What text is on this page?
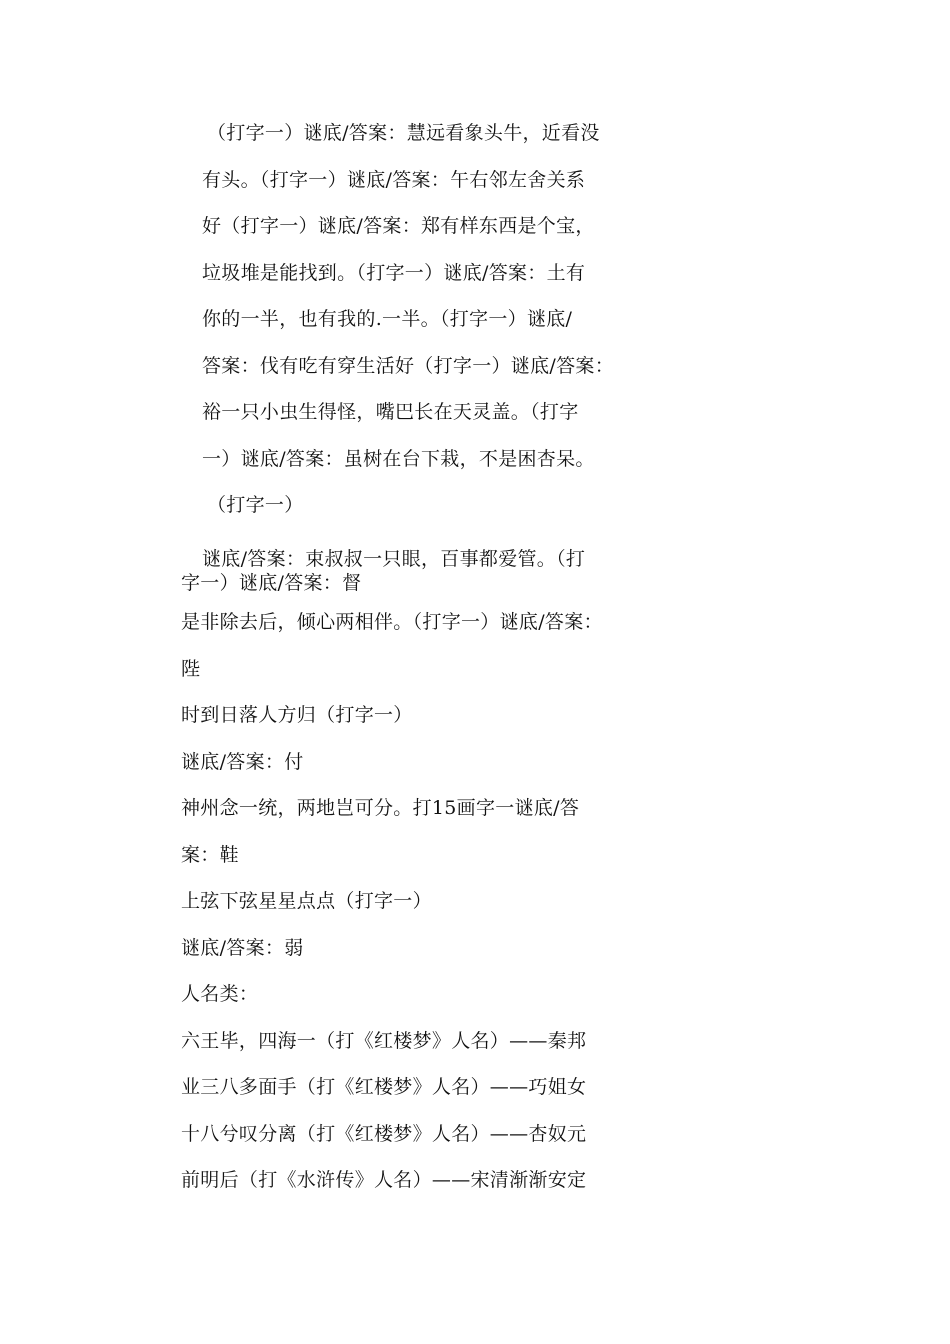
（打字一）谜底/答案：慧远看象头牛，近看没
有头。（打字一）谜底/答案：午右邻左舍关系
好（打字一）谜底/答案：郑有样东西是个宝，
垃圾堆是能找到。（打字一）谜底/答案：土有
你的一半，也有我的.一半。（打字一）谜底/
答案：伐有吃有穿生活好（打字一）谜底/答案：
裕一只小虫生得怪，嘴巴长在天灵盖。（打字
一）谜底/答案：虽树在台下栽，不是困杏呆。
（打字一）
谜底/答案：束叔叔一只眼，百事都爱管。（打
字一）谜底/答案：督
是非除去后，倾心两相伴。（打字一）谜底/答案：
陛
时到日落人方归（打字一）
谜底/答案：付
神州念一统，两地岂可分。打15画字一谜底/答
案：鞋
上弦下弦星星点点（打字一）
谜底/答案：弱
人名类：
六王毕，四海一（打《红楼梦》人名）——秦邦
业三八多面手（打《红楼梦》人名）——巧姐女
十八兮叹分离（打《红楼梦》人名）——杏奴元
前明后（打《水浒传》人名）——宋清渐渐安定
